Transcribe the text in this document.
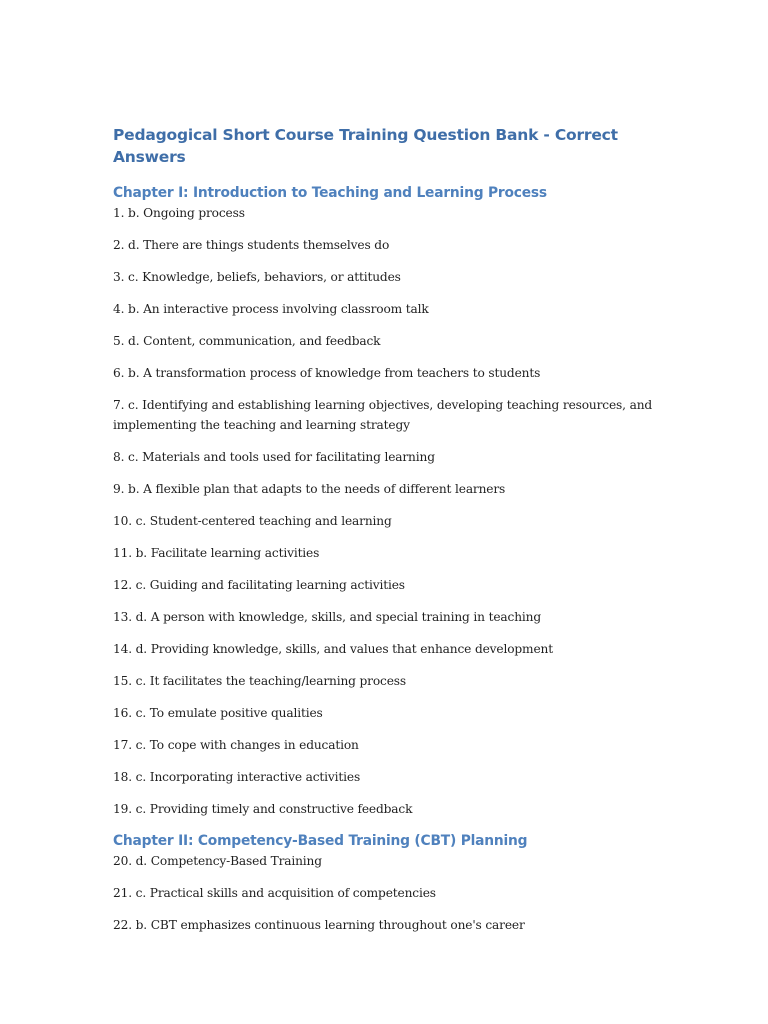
Pedagogical Short Course Training Question Bank - Correct Answers
Chapter I: Introduction to Teaching and Learning Process

1. b. Ongoing process

2. d. There are things students themselves do

3. c. Knowledge, beliefs, behaviors, or attitudes

4. b. An interactive process involving classroom talk

5. d. Content, communication, and feedback

6. b. A transformation process of knowledge from teachers to students

7. c. Identifying and establishing learning objectives, developing teaching resources, and implementing the teaching and learning strategy

8. c. Materials and tools used for facilitating learning

9. b. A flexible plan that adapts to the needs of different learners

10. c. Student-centered teaching and learning

11. b. Facilitate learning activities

12. c. Guiding and facilitating learning activities

13. d. A person with knowledge, skills, and special training in teaching

14. d. Providing knowledge, skills, and values that enhance development

15. c. It facilitates the teaching/learning process

16. c. To emulate positive qualities

17. c. To cope with changes in education

18. c. Incorporating interactive activities

19. c. Providing timely and constructive feedback

Chapter II: Competency-Based Training (CBT) Planning

20. d. Competency-Based Training

21. c. Practical skills and acquisition of competencies

22. b. CBT emphasizes continuous learning throughout one's career
